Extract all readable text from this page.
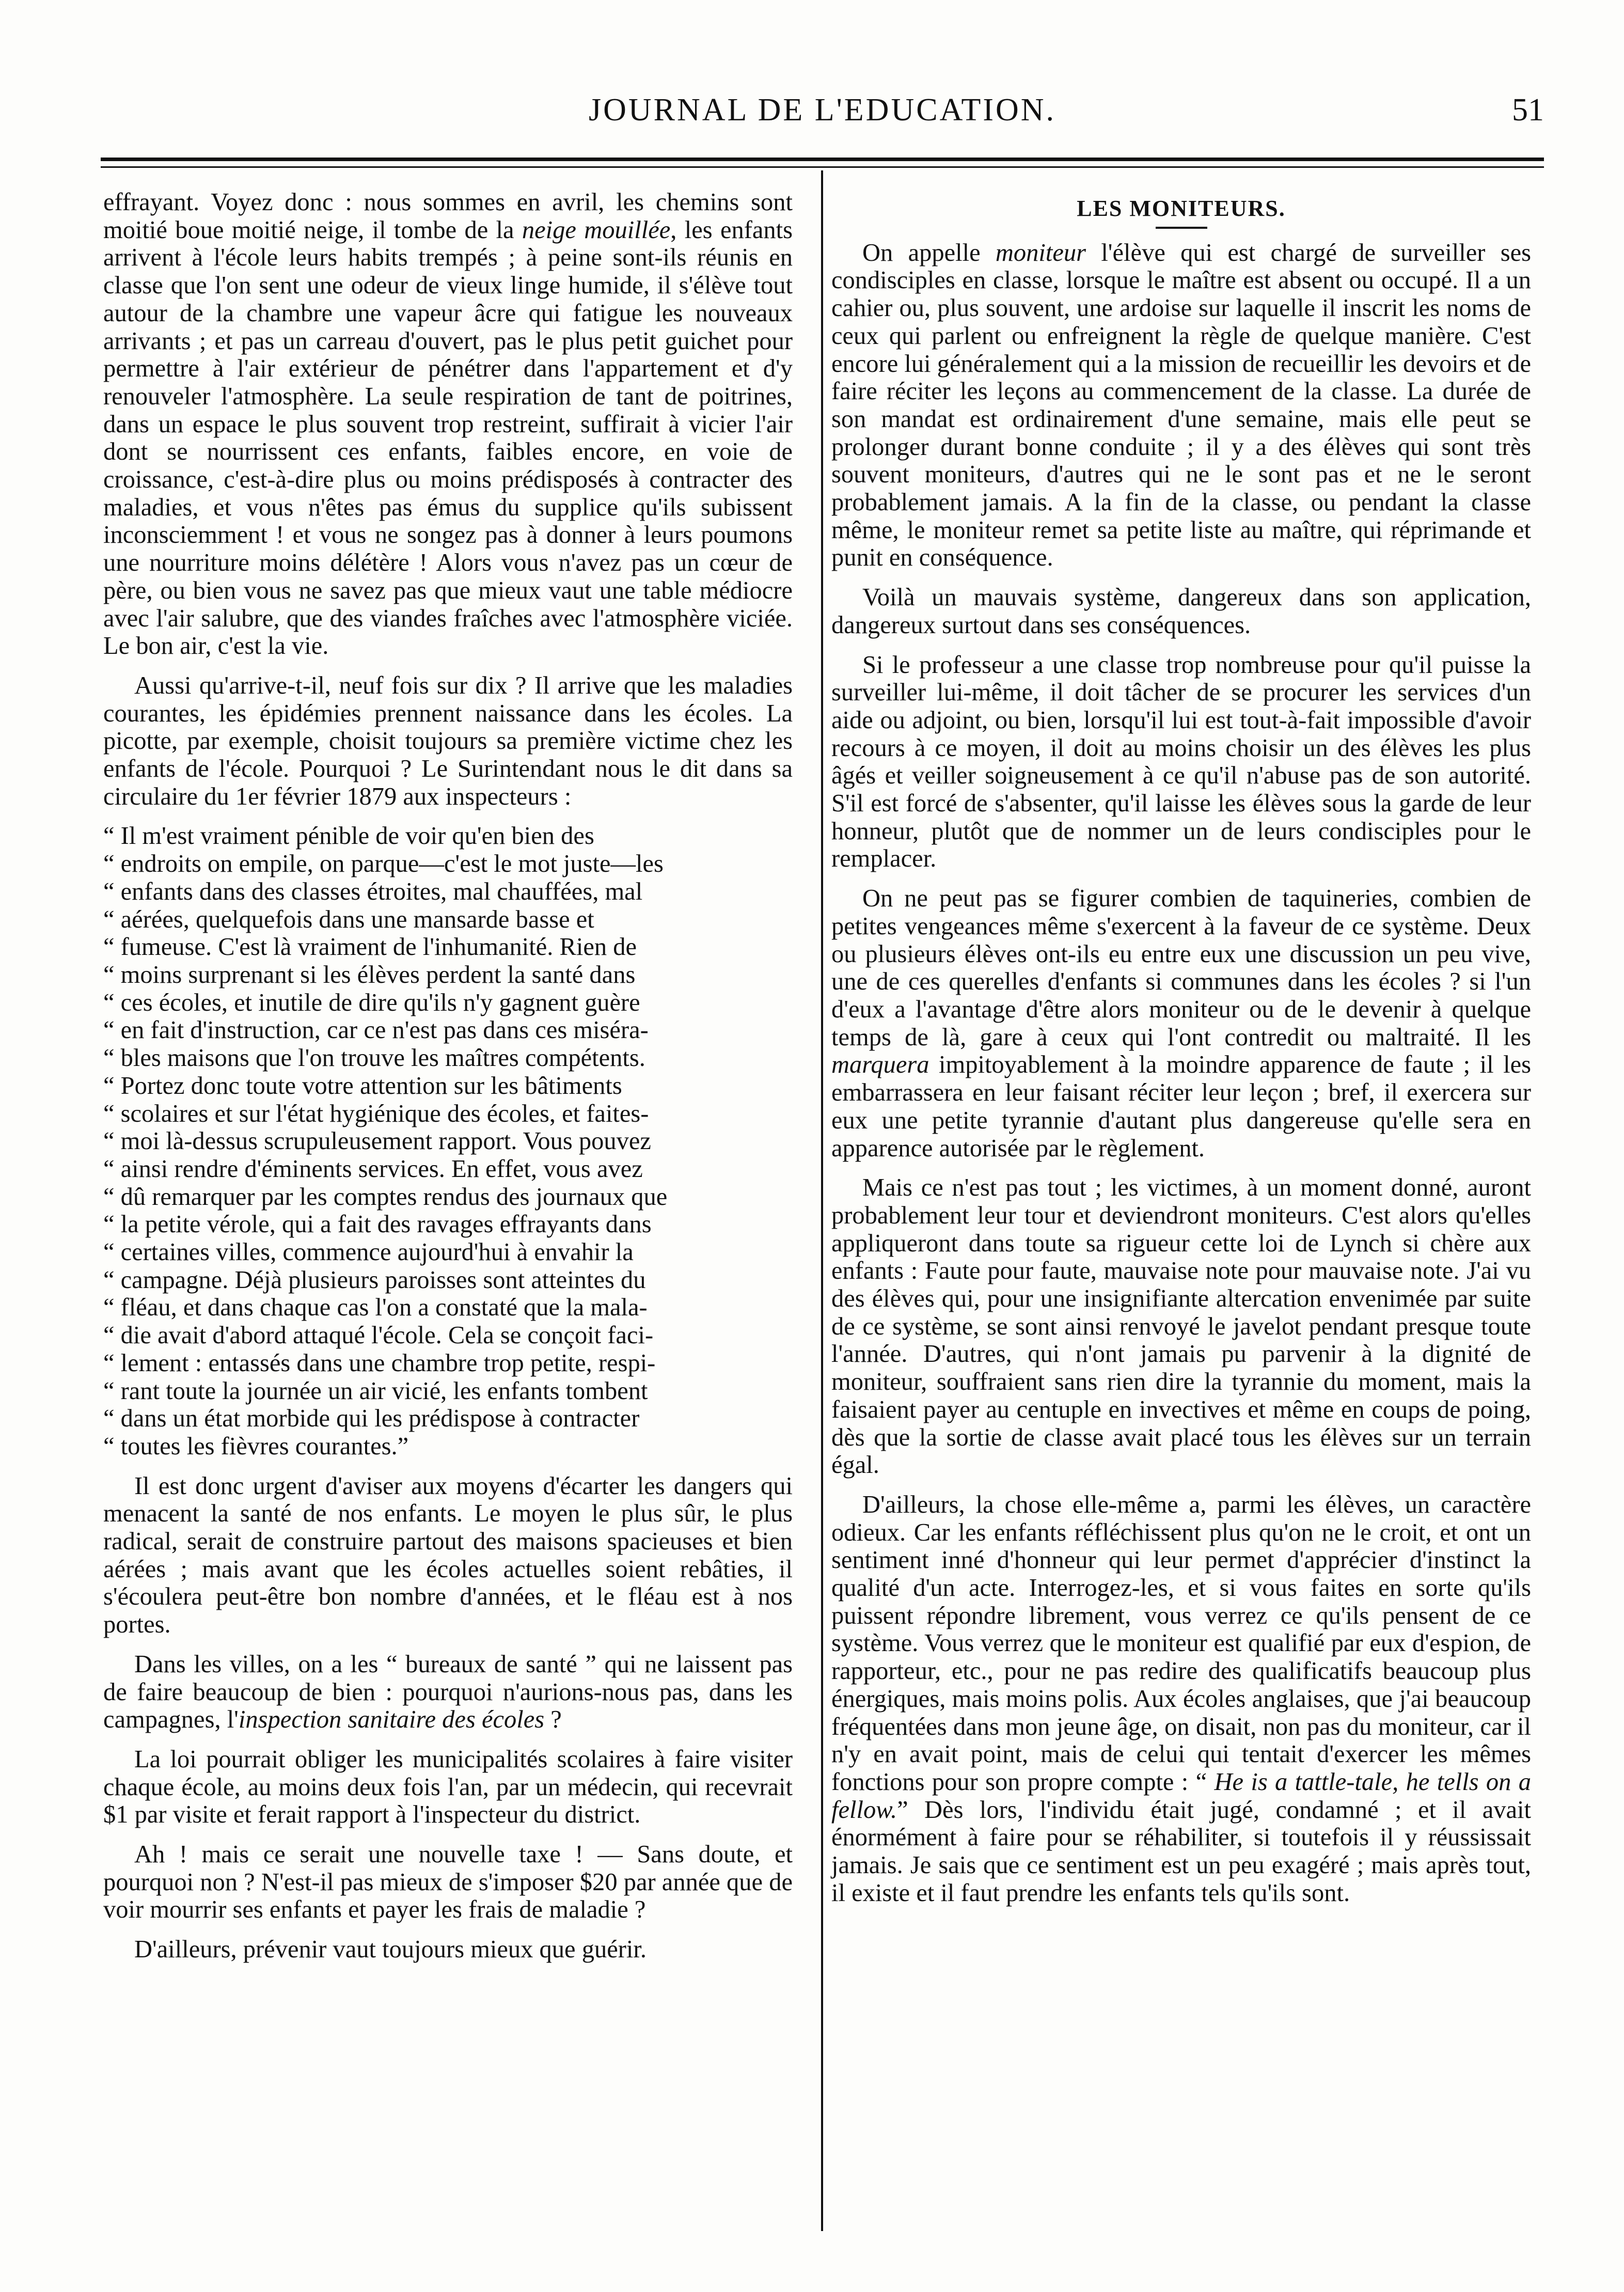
JOURNAL DE L'EDUCATION.	51

effrayant. Voyez donc : nous sommes en avril, les chemins sont moitié boue moitié neige, il tombe de la neige mouillée, les enfants arrivent à l'école leurs habits trempés ; à peine sont-ils réunis en classe que l'on sent une odeur de vieux linge humide, il s'élève tout autour de la chambre une vapeur âcre qui fatigue les nouveaux arrivants ; et pas un carreau d'ouvert, pas le plus petit guichet pour permettre à l'air extérieur de pénétrer dans l'appartement et d'y renouveler l'atmosphère. La seule respiration de tant de poitrines, dans un espace le plus souvent trop restreint, suffirait à vicier l'air dont se nourrissent ces enfants, faibles encore, en voie de croissance, c'est-à-dire plus ou moins prédisposés à contracter des maladies, et vous n'êtes pas émus du supplice qu'ils subissent inconsciemment ! et vous ne songez pas à donner à leurs poumons une nourriture moins délétère ! Alors vous n'avez pas un cœur de père, ou bien vous ne savez pas que mieux vaut une table médiocre avec l'air salubre, que des viandes fraîches avec l'atmosphère viciée. Le bon air, c'est la vie.

Aussi qu'arrive-t-il, neuf fois sur dix ? Il arrive que les maladies courantes, les épidémies prennent naissance dans les écoles. La picotte, par exemple, choisit toujours sa première victime chez les enfants de l'école. Pourquoi ? Le Surintendant nous le dit dans sa circulaire du 1er février 1879 aux inspecteurs :

“ Il m'est vraiment pénible de voir qu'en bien des

“ endroits on empile, on parque—c'est le mot juste—les

“ enfants dans des classes étroites, mal chauffées, mal

“ aérées, quelquefois dans une mansarde basse et

“ fumeuse. C'est là vraiment de l'inhumanité. Rien de

“ moins surprenant si les élèves perdent la santé dans

“ ces écoles, et inutile de dire qu'ils n'y gagnent guère

“ en fait d'instruction, car ce n'est pas dans ces miséra-

“ bles maisons que l'on trouve les maîtres compétents.

“ Portez donc toute votre attention sur les bâtiments

“ scolaires et sur l'état hygiénique des écoles, et faites-

“ moi là-dessus scrupuleusement rapport. Vous pouvez

“ ainsi rendre d'éminents services. En effet, vous avez

“ dû remarquer par les comptes rendus des journaux que

“ la petite vérole, qui a fait des ravages effrayants dans

“ certaines villes, commence aujourd'hui à envahir la

“ campagne. Déjà plusieurs paroisses sont atteintes du

“ fléau, et dans chaque cas l'on a constaté que la mala-

“ die avait d'abord attaqué l'école. Cela se conçoit faci-

“ lement : entassés dans une chambre trop petite, respi-

“ rant toute la journée un air vicié, les enfants tombent

“ dans un état morbide qui les prédispose à contracter

“ toutes les fièvres courantes.”

Il est donc urgent d'aviser aux moyens d'écarter les dangers qui menacent la santé de nos enfants. Le moyen le plus sûr, le plus radical, serait de construire partout des maisons spacieuses et bien aérées ; mais avant que les écoles actuelles soient rebâties, il s'écoulera peut-être bon nombre d'années, et le fléau est à nos portes.

Dans les villes, on a les “ bureaux de santé ” qui ne laissent pas de faire beaucoup de bien : pourquoi n'aurions-nous pas, dans les campagnes, l'inspection sanitaire des écoles ?

La loi pourrait obliger les municipalités scolaires à faire visiter chaque école, au moins deux fois l'an, par un médecin, qui recevrait $1 par visite et ferait rapport à l'inspecteur du district.

Ah ! mais ce serait une nouvelle taxe ! — Sans doute, et pourquoi non ? N'est-il pas mieux de s'imposer $20 par année que de voir mourrir ses enfants et payer les frais de maladie ?

D'ailleurs, prévenir vaut toujours mieux que guérir.

LES MONITEURS.

On appelle moniteur l'élève qui est chargé de surveiller ses condisciples en classe, lorsque le maître est absent ou occupé. Il a un cahier ou, plus souvent, une ardoise sur laquelle il inscrit les noms de ceux qui parlent ou enfreignent la règle de quelque manière. C'est encore lui généralement qui a la mission de recueillir les devoirs et de faire réciter les leçons au commencement de la classe. La durée de son mandat est ordinairement d'une semaine, mais elle peut se prolonger durant bonne conduite ; il y a des élèves qui sont très souvent moniteurs, d'autres qui ne le sont pas et ne le seront probablement jamais. A la fin de la classe, ou pendant la classe même, le moniteur remet sa petite liste au maître, qui réprimande et punit en conséquence.

Voilà un mauvais système, dangereux dans son application, dangereux surtout dans ses conséquences.

Si le professeur a une classe trop nombreuse pour qu'il puisse la surveiller lui-même, il doit tâcher de se procurer les services d'un aide ou adjoint, ou bien, lorsqu'il lui est tout-à-fait impossible d'avoir recours à ce moyen, il doit au moins choisir un des élèves les plus âgés et veiller soigneusement à ce qu'il n'abuse pas de son autorité. S'il est forcé de s'absenter, qu'il laisse les élèves sous la garde de leur honneur, plutôt que de nommer un de leurs condisciples pour le remplacer.

On ne peut pas se figurer combien de taquineries, combien de petites vengeances même s'exercent à la faveur de ce système. Deux ou plusieurs élèves ont-ils eu entre eux une discussion un peu vive, une de ces querelles d'enfants si communes dans les écoles ? si l'un d'eux a l'avantage d'être alors moniteur ou de le devenir à quelque temps de là, gare à ceux qui l'ont contredit ou maltraité. Il les marquera impitoyablement à la moindre apparence de faute ; il les embarrassera en leur faisant réciter leur leçon ; bref, il exercera sur eux une petite tyrannie d'autant plus dangereuse qu'elle sera en apparence autorisée par le règlement.

Mais ce n'est pas tout ; les victimes, à un moment donné, auront probablement leur tour et deviendront moniteurs. C'est alors qu'elles appliqueront dans toute sa rigueur cette loi de Lynch si chère aux enfants : Faute pour faute, mauvaise note pour mauvaise note. J'ai vu des élèves qui, pour une insignifiante altercation envenimée par suite de ce système, se sont ainsi renvoyé le javelot pendant presque toute l'année. D'autres, qui n'ont jamais pu parvenir à la dignité de moniteur, souffraient sans rien dire la tyrannie du moment, mais la faisaient payer au centuple en invectives et même en coups de poing, dès que la sortie de classe avait placé tous les élèves sur un terrain égal.

D'ailleurs, la chose elle-même a, parmi les élèves, un caractère odieux. Car les enfants réfléchissent plus qu'on ne le croit, et ont un sentiment inné d'honneur qui leur permet d'apprécier d'instinct la qualité d'un acte. Interrogez-les, et si vous faites en sorte qu'ils puissent répondre librement, vous verrez ce qu'ils pensent de ce système. Vous verrez que le moniteur est qualifié par eux d'espion, de rapporteur, etc., pour ne pas redire des qualificatifs beaucoup plus énergiques, mais moins polis. Aux écoles anglaises, que j'ai beaucoup fréquentées dans mon jeune âge, on disait, non pas du moniteur, car il n'y en avait point, mais de celui qui tentait d'exercer les mêmes fonctions pour son propre compte : “ He is a tattle-tale, he tells on a fellow.” Dès lors, l'individu était jugé, condamné ; et il avait énormément à faire pour se réhabiliter, si toutefois il y réussissait jamais. Je sais que ce sentiment est un peu exagéré ; mais après tout, il existe et il faut prendre les enfants tels qu'ils sont.
